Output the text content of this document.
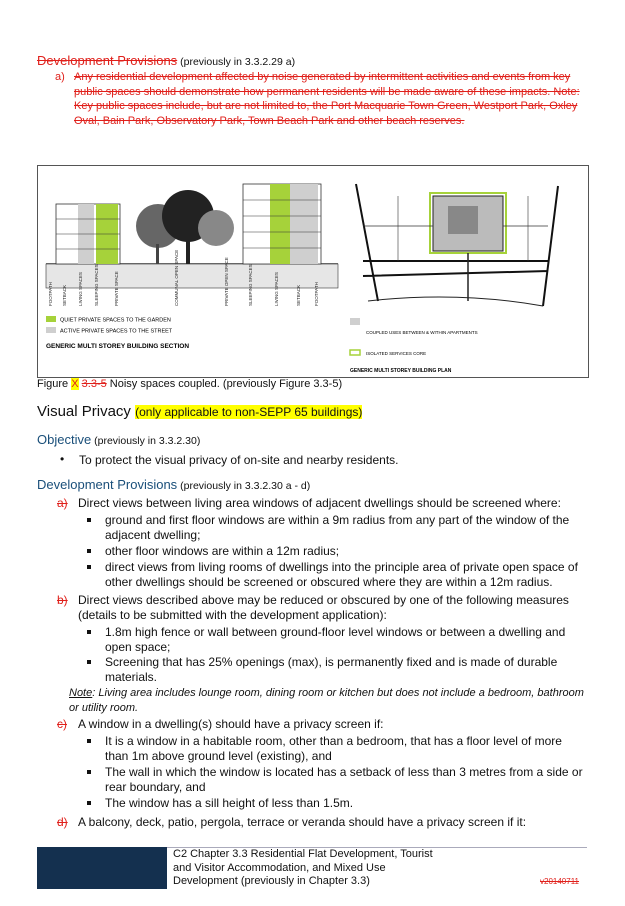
Development Provisions (previously in 3.3.2.29 a)
a) Any residential development affected by noise generated by intermittent activities and events from key public spaces should demonstrate how permanent residents will be made aware of these impacts. Note: Key public spaces include, but are not limited to, the Port Macquarie Town Green, Westport Park, Oxley Oval, Bain Park, Observatory Park, Town Beach Park and other beach reserves.
FOOTPATH SETBACK LIVING SPACES SLEEPING SPACES	PRIVATE SPACE	COMMUNAL OPEN SPACE	PRIVATE OPEN SPACE	SLEEPING SPACES	LIVING SPACES	SETBACK	FOOTPATH
QUIET PRIVATE SPACES TO THE GARDEN
ACTIVE PRIVATE SPACES TO THE STREET
GENERIC MULTI STOREY BUILDING SECTION
COUPLED USES BETWEEN & WITHIN APARTMENTS
ISOLATED SERVICES CORE
GENERIC MULTI STOREY BUILDING PLAN
Figure X 3.3-5 Noisy spaces coupled. (previously Figure 3.3-5)
Visual Privacy (only applicable to non-SEPP 65 buildings)
Objective (previously in 3.3.2.30)
• To protect the visual privacy of on-site and nearby residents.
Development Provisions (previously in 3.3.2.30 a - d)
a) Direct views between living area windows of adjacent dwellings should be screened where:
ground and first floor windows are within a 9m radius from any part of the window of the adjacent dwelling;
other floor windows are within a 12m radius;
direct views from living rooms of dwellings into the principle area of private open space of other dwellings should be screened or obscured where they are within a 12m radius.
b) Direct views described above may be reduced or obscured by one of the following measures (details to be submitted with the development application):
1.8m high fence or wall between ground-floor level windows or between a dwelling and open space;
Screening that has 25% openings (max), is permanently fixed and is made of durable materials.
Note: Living area includes lounge room, dining room or kitchen but does not include a bedroom, bathroom or utility room.
c) A window in a dwelling(s) should have a privacy screen if:
It is a window in a habitable room, other than a bedroom, that has a floor level of more than 1m above ground level (existing), and
The wall in which the window is located has a setback of less than 3 metres from a side or rear boundary, and
The window has a sill height of less than 1.5m.
d) A balcony, deck, patio, pergola, terrace or veranda should have a privacy screen if it:
C2 Chapter 3.3 Residential Flat Development, Tourist
and Visitor Accommodation, and Mixed Use
Development (previously in Chapter 3.3)	v20140711
